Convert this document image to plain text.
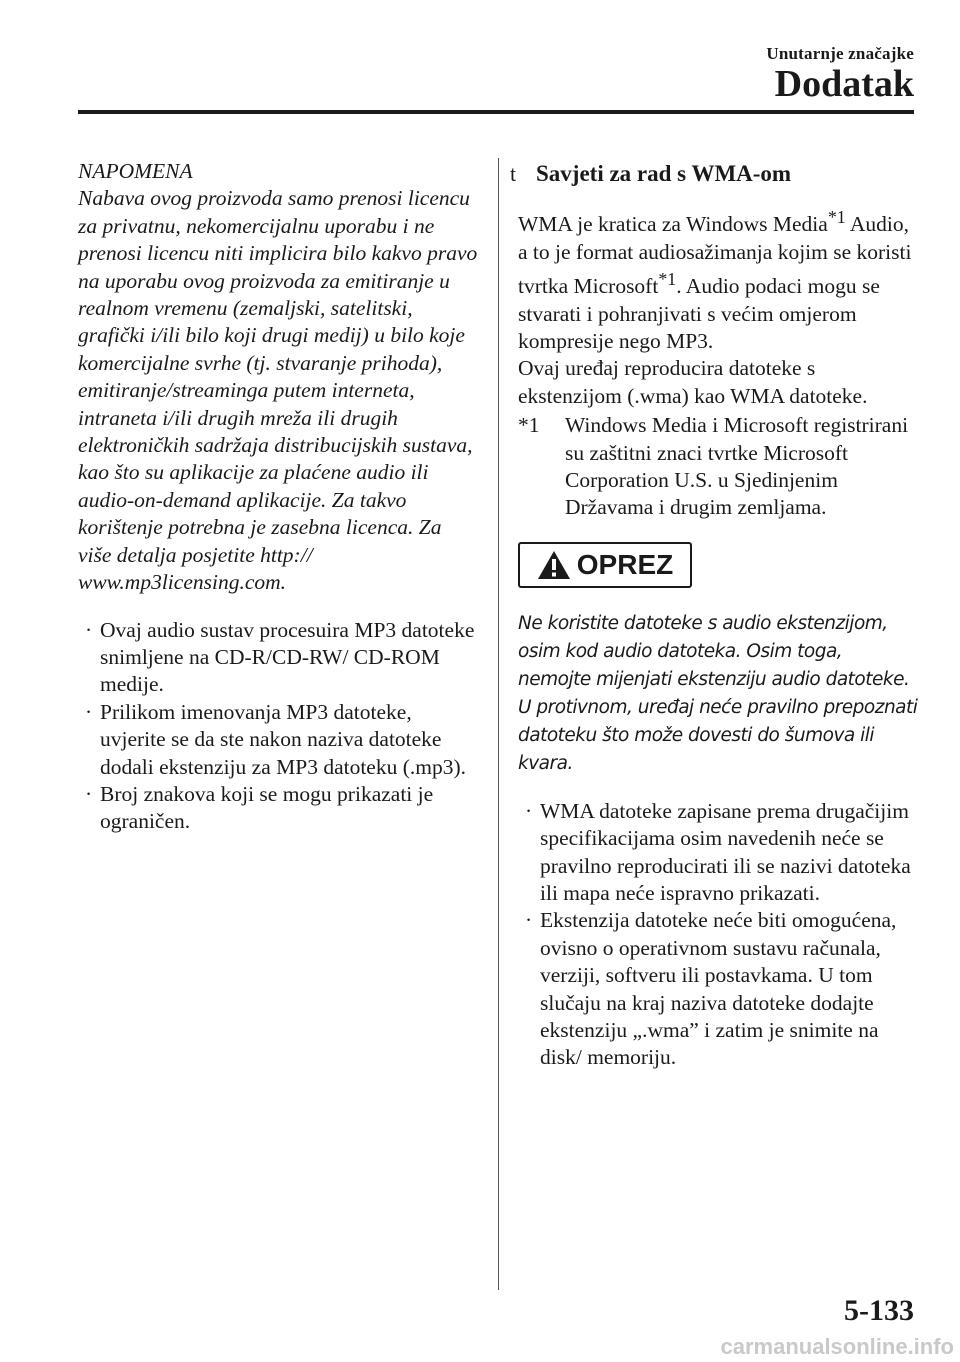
Unutarnje značajke
Dodatak

NAPOMENA
Nabava ovog proizvoda samo prenosi licencu za privatnu, nekomercijalnu uporabu i ne prenosi licencu niti implicira bilo kakvo pravo na uporabu ovog proizvoda za emitiranje u realnom vremenu (zemaljski, satelitski, grafički i/ili bilo koji drugi medij) u bilo koje komercijalne svrhe (tj. stvaranje prihoda), emitiranje/streaminga putem interneta, intraneta i/ili drugih mreža ili drugih elektroničkih sadržaja distribucijskih sustava, kao što su aplikacije za plaćene audio ili audio-on-demand aplikacije. Za takvo korištenje potrebna je zasebna licenca. Za više detalja posjetite http:// www.mp3licensing.com.

· Ovaj audio sustav procesuira MP3 datoteke snimljene na CD-R/CD-RW/ CD-ROM medije.
· Prilikom imenovanja MP3 datoteke, uvjerite se da ste nakon naziva datoteke dodali ekstenziju za MP3 datoteku (.mp3).
· Broj znakova koji se mogu prikazati je ograničen.
t Savjeti za rad s WMA-om

WMA je kratica za Windows Media$^{*1}$ Audio, a to je format audiosažimanja kojim se koristi tvrtka Microsoft$^{*1}$. Audio podaci mogu se stvarati i pohranjivati s većim omjerom kompresije nego MP3.
Ovaj uređaj reproducira datoteke s ekstenzijom (.wma) kao WMA datoteke.

*1	Windows Media i Microsoft registrirani su zaštitni znaci tvrtke Microsoft Corporation U.S. u Sjedinjenim Državama i drugim zemljama.
OPREZ

Ne koristite datoteke s audio ekstenzijom, osim kod audio datoteka. Osim toga, nemojte mijenjati ekstenziju audio datoteke. U protivnom, uređaj neće pravilno prepoznati datoteku što može dovesti do šumova ili kvara.

· WMA datoteke zapisane prema drugačijim specifikacijama osim navedenih neće se pravilno reproducirati ili se nazivi datoteka ili mapa neće ispravno prikazati.
· Ekstenzija datoteke neće biti omogućena, ovisno o operativnom sustavu računala, verziji, softveru ili postavkama. U tom slučaju na kraj naziva datoteke dodajte ekstenziju „.wma” i zatim je snimite na disk/ memoriju.
5-133
carmanualsonline.info
